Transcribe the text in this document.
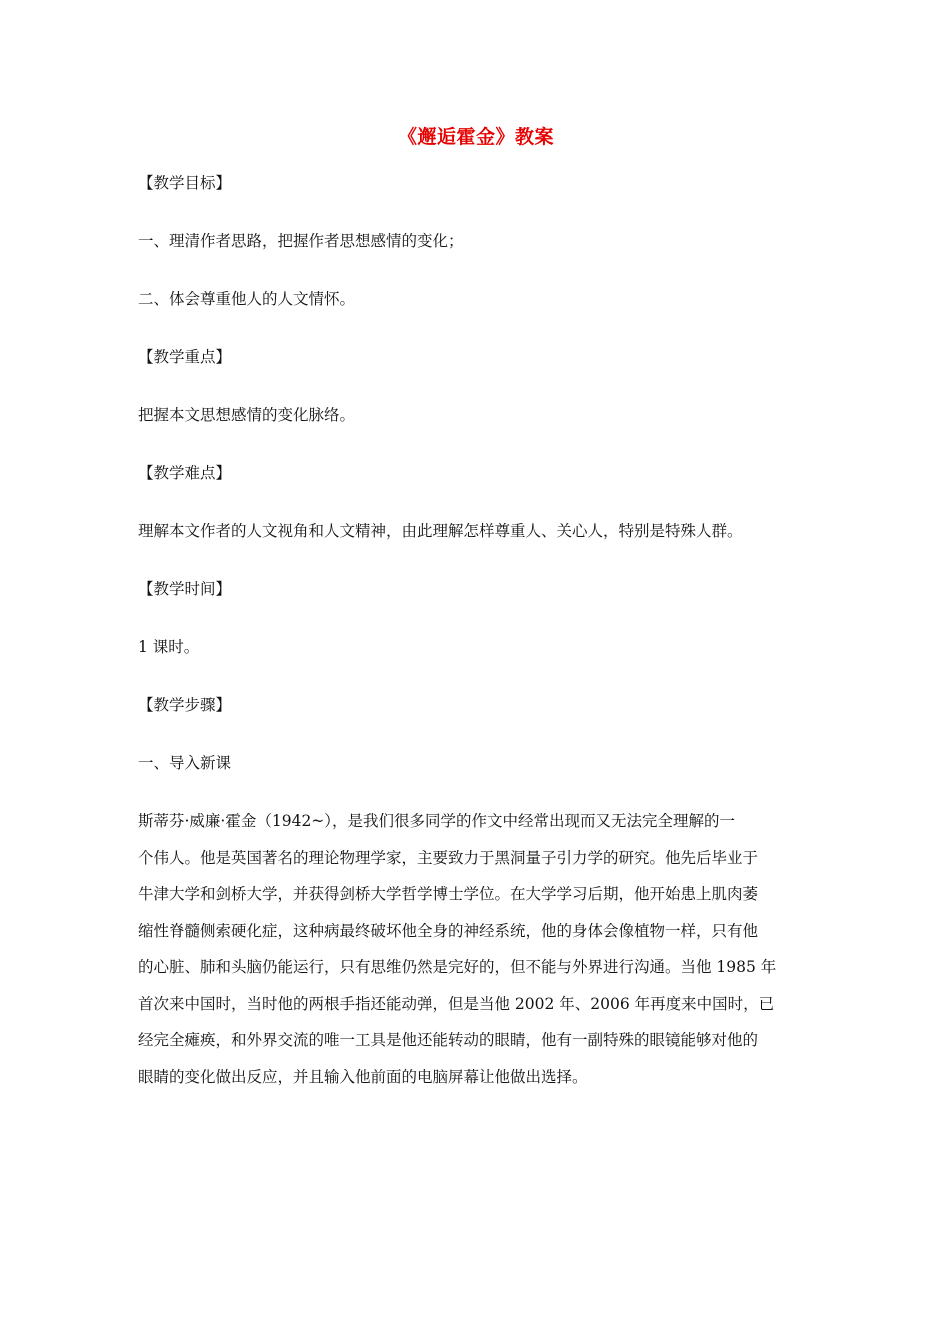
《邂逅霍金》教案

【教学目标】

一、理清作者思路，把握作者思想感情的变化；

二、体会尊重他人的人文情怀。

【教学重点】

把握本文思想感情的变化脉络。

【教学难点】

理解本文作者的人文视角和人文精神，由此理解怎样尊重人、关心人，特别是特殊人群。

【教学时间】

1 课时。

【教学步骤】

一、导入新课

斯蒂芬·威廉·霍金（1942~），是我们很多同学的作文中经常出现而又无法完全理解的一
个伟人。他是英国著名的理论物理学家，主要致力于黑洞量子引力学的研究。他先后毕业于
牛津大学和剑桥大学，并获得剑桥大学哲学博士学位。在大学学习后期，他开始患上肌肉萎
缩性脊髓侧索硬化症，这种病最终破坏他全身的神经系统，他的身体会像植物一样，只有他
的心脏、肺和头脑仍能运行，只有思维仍然是完好的，但不能与外界进行沟通。当他 1985 年
首次来中国时，当时他的两根手指还能动弹，但是当他 2002 年、2006 年再度来中国时，已
经完全瘫痪，和外界交流的唯一工具是他还能转动的眼睛，他有一副特殊的眼镜能够对他的
眼睛的变化做出反应，并且输入他前面的电脑屏幕让他做出选择。
